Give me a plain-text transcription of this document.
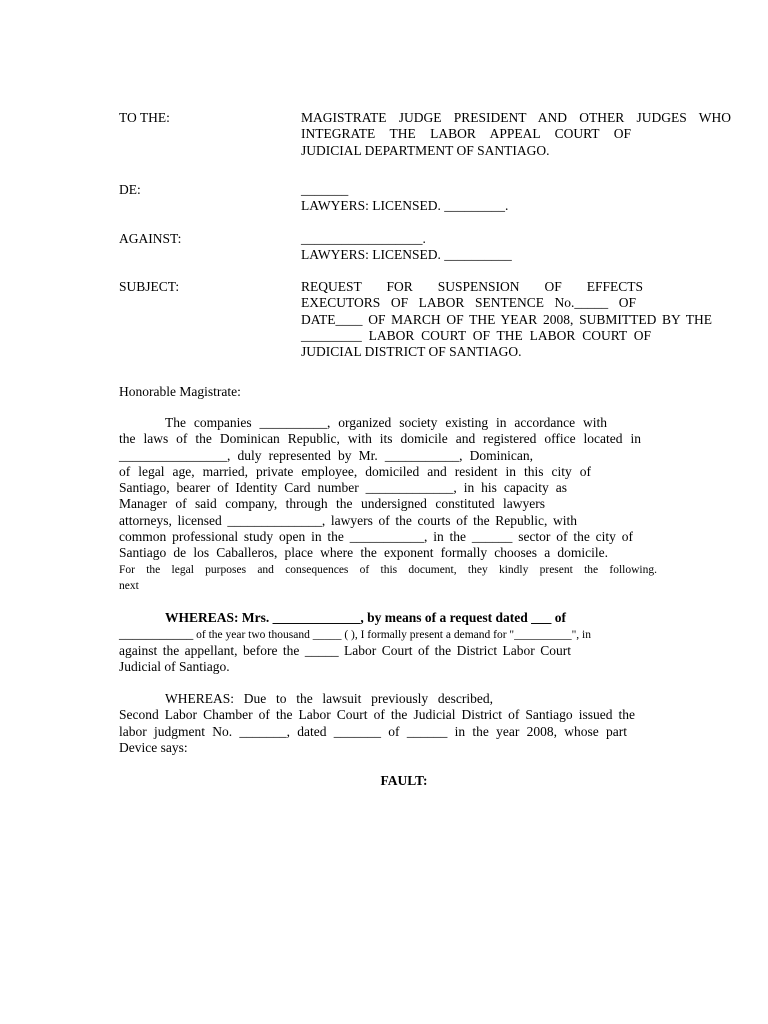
TO THE:	MAGISTRATE JUDGE PRESIDENT AND OTHER JUDGES WHO
INTEGRATE THE LABOR APPEAL COURT OF
JUDICIAL DEPARTMENT OF SANTIAGO.
DE:	_______
LAWYERS: LICENSED. _________.
AGAINST:	__________________.
LAWYERS: LICENSED. __________
SUBJECT:	REQUEST FOR SUSPENSION OF EFFECTS
EXECUTORS OF LABOR SENTENCE No._____ OF
DATE____ OF MARCH OF THE YEAR 2008, SUBMITTED BY THE
_________ LABOR COURT OF THE LABOR COURT OF
JUDICIAL DISTRICT OF SANTIAGO.
Honorable Magistrate:
The companies __________, organized society existing in accordance with
the laws of the Dominican Republic, with its domicile and registered office located in
________________, duly represented by Mr. ___________, Dominican,
of legal age, married, private employee, domiciled and resident in this city of
Santiago, bearer of Identity Card number _____________, in his capacity as
Manager of said company, through the undersigned constituted lawyers
attorneys, licensed ______________, lawyers of the courts of the Republic, with
common professional study open in the ___________, in the ______ sector of the city of
Santiago de los Caballeros, place where the exponent formally chooses a domicile.
For the legal purposes and consequences of this document, they kindly present the following.
next
WHEREAS: Mrs. _____________, by means of a request dated ___ of
___________ of the year two thousand _____ ( ), I formally present a demand for "__________", in
against the appellant, before the _____ Labor Court of the District Labor Court
Judicial of Santiago.
WHEREAS: Due to the lawsuit previously described,
Second Labor Chamber of the Labor Court of the Judicial District of Santiago issued the
labor judgment No. _______, dated _______ of ______ in the year 2008, whose part
Device says:
FAULT:
